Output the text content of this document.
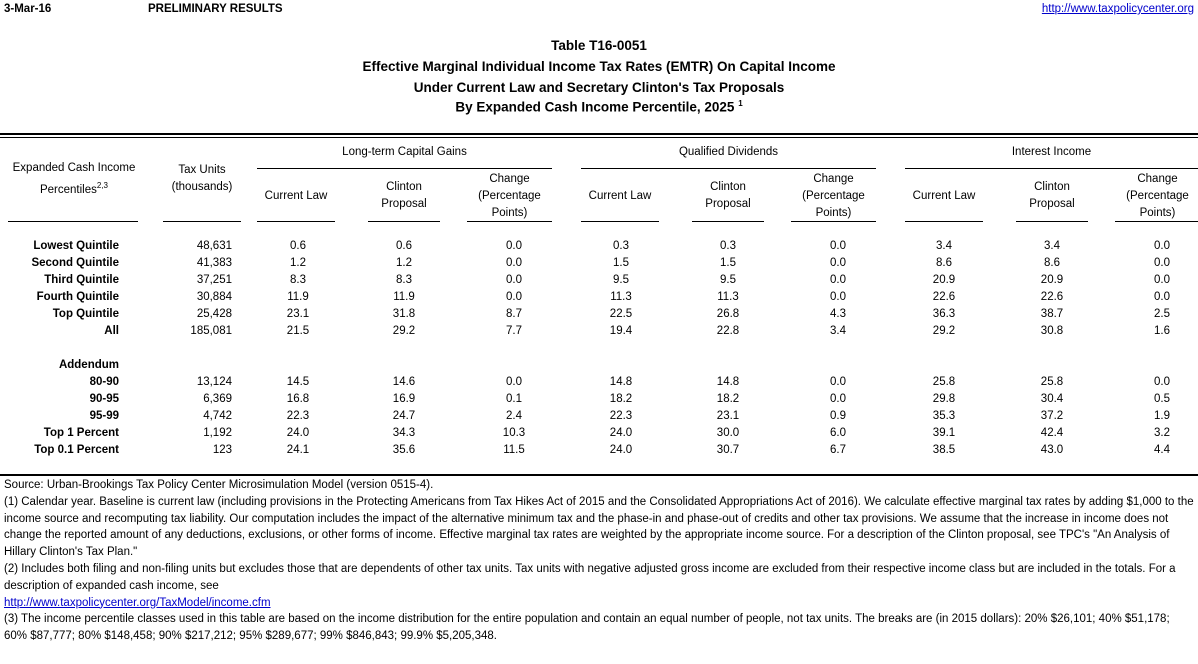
3-Mar-16	PRELIMINARY RESULTS	http://www.taxpolicycenter.org
Table T16-0051
Effective Marginal Individual Income Tax Rates (EMTR) On Capital Income
Under Current Law and Secretary Clinton's Tax Proposals
By Expanded Cash Income Percentile, 2025 $^1$
Expanded Cash Income
Percentiles$^{2,3}$
Tax Units
(thousands)
Long-term Capital Gains	Qualified Dividends	Interest Income
Current Law
Clinton
Proposal
Change
(Percentage
Points)
Current Law
Clinton
Proposal
Change
(Percentage
Points)
Current Law
Clinton
Proposal
Change
(Percentage
Points)
Lowest Quintile	48,631	0.6	0.6	0.0	0.3	0.3	0.0	3.4	3.4	0.0
Second Quintile	41,383	1.2	1.2	0.0	1.5	1.5	0.0	8.6	8.6	0.0
Third Quintile	37,251	8.3	8.3	0.0	9.5	9.5	0.0	20.9	20.9	0.0
Fourth Quintile	30,884	11.9	11.9	0.0	11.3	11.3	0.0	22.6	22.6	0.0
Top Quintile	25,428	23.1	31.8	8.7	22.5	26.8	4.3	36.3	38.7	2.5
All	185,081	21.5	29.2	7.7	19.4	22.8	3.4	29.2	30.8	1.6
Addendum
80-90	13,124	14.5	14.6	0.0	14.8	14.8	0.0	25.8	25.8	0.0
90-95	6,369	16.8	16.9	0.1	18.2	18.2	0.0	29.8	30.4	0.5
95-99	4,742	22.3	24.7	2.4	22.3	23.1	0.9	35.3	37.2	1.9
Top 1 Percent	1,192	24.0	34.3	10.3	24.0	30.0	6.0	39.1	42.4	3.2
Top 0.1 Percent	123	24.1	35.6	11.5	24.0	30.7	6.7	38.5	43.0	4.4

Source: Urban-Brookings Tax Policy Center Microsimulation Model (version 0515-4).

(1) Calendar year. Baseline is current law (including provisions in the Protecting Americans from Tax Hikes Act of 2015 and the Consolidated Appropriations Act of 2016). We calculate effective marginal tax rates by adding $1,000 to the income source and recomputing tax liability. Our computation includes the impact of the alternative minimum tax and the phase-in and phase-out of credits and other tax provisions. We assume that the increase in income does not change the reported amount of any deductions, exclusions, or other forms of income. Effective marginal tax rates are weighted by the appropriate income source. For a description of the Clinton proposal, see TPC's "An Analysis of Hillary Clinton's Tax Plan."

(2) Includes both filing and non-filing units but excludes those that are dependents of other tax units. Tax units with negative adjusted gross income are excluded from their respective income class but are included in the totals. For a description of expanded cash income, see

http://www.taxpolicycenter.org/TaxModel/income.cfm

(3) The income percentile classes used in this table are based on the income distribution for the entire population and contain an equal number of people, not tax units. The breaks are (in 2015 dollars): 20% $26,101; 40% $51,178; 60% $87,777; 80% $148,458; 90% $217,212; 95% $289,677; 99% $846,843; 99.9% $5,205,348.
